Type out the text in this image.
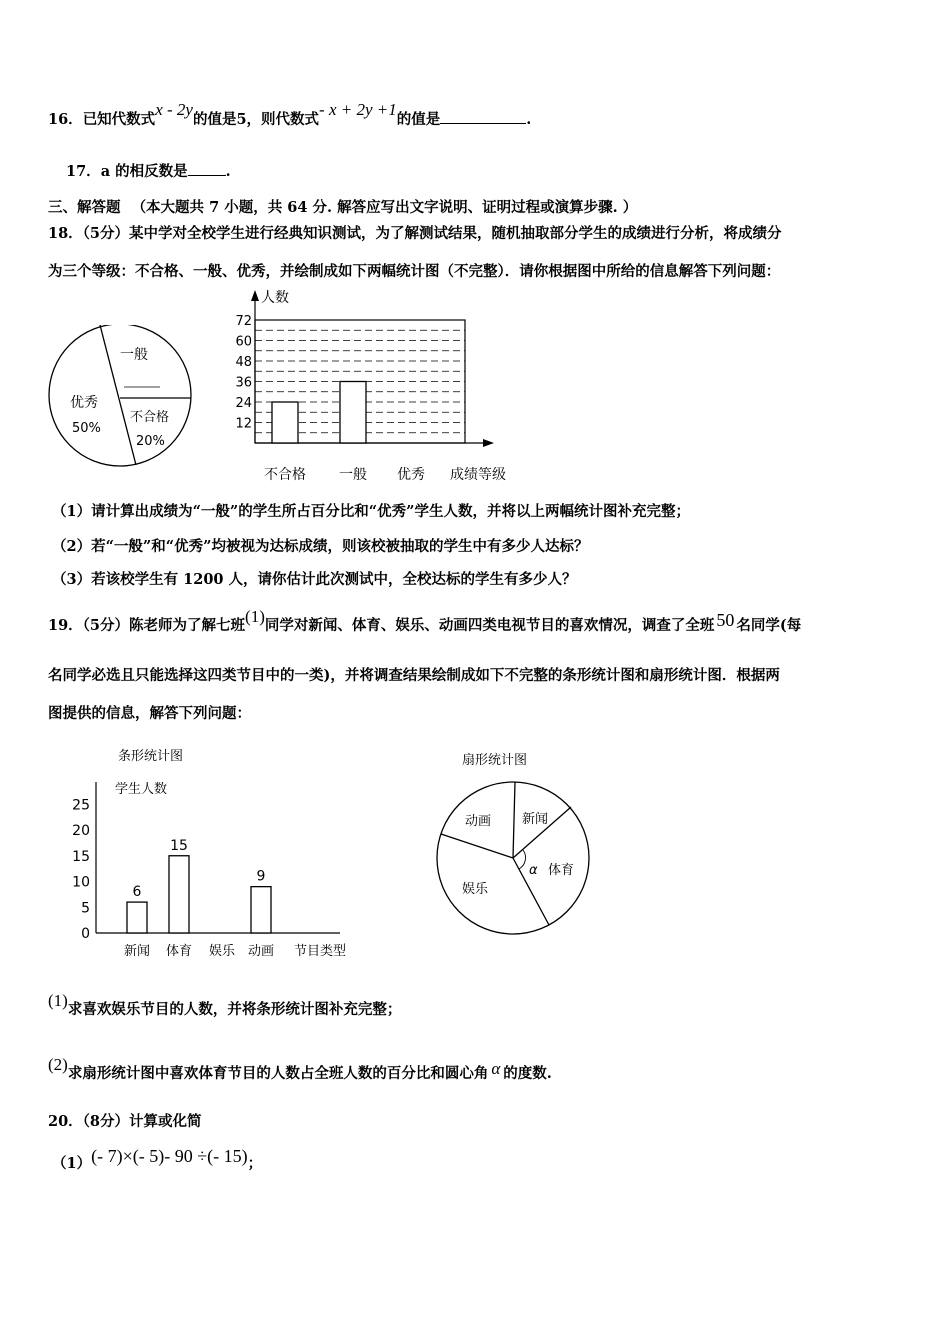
16．已知代数式x - 2y的值是5，则代数式- x + 2y +1的值是	.
17．a 的相反数是	.
三、解答题 （本大题共 7 小题，共 64 分. 解答应写出文字说明、证明过程或演算步骤. ）
18．（5分）某中学对全校学生进行经典知识测试，为了解测试结果，随机抽取部分学生的成绩进行分析，将成绩分
为三个等级：不合格、一般、优秀，并绘制成如下两幅统计图（不完整）．请你根据图中所给的信息解答下列问题：
一般
优秀
50%
不合格
20%
12
24
36
48
60
72
不合格 一般 优秀
人数
成绩等级
（1）请计算出成绩为“一般”的学生所占百分比和“优秀”学生人数，并将以上两幅统计图补充完整；
（2）若“一般”和“优秀”均被视为达标成绩，则该校被抽取的学生中有多少人达标？
（3）若该校学生有 1200 人，请你估计此次测试中，全校达标的学生有多少人？
19．（5分）陈老师为了解七班(1)同学对新闻、体育、娱乐、动画四类电视节目的喜欢情况，调查了全班 50 名同学(每
名同学必选且只能选择这四类节目中的一类)，并将调查结果绘制成如下不完整的条形统计图和扇形统计图．根据两
图提供的信息，解答下列问题：
条形统计图
学生人数
0
5
10
15
20
25
6
15
9
新闻 体育 娱乐 动画 节目类型
扇形统计图
动画 新闻
α 体育
娱乐
(1)求喜欢娱乐节目的人数，并将条形统计图补充完整；
(2)求扇形统计图中喜欢体育节目的人数占全班人数的百分比和圆心角 α 的度数.
20．（8分）计算或化简
（1）(- 7)×(- 5)- 90 ÷(- 15)；
